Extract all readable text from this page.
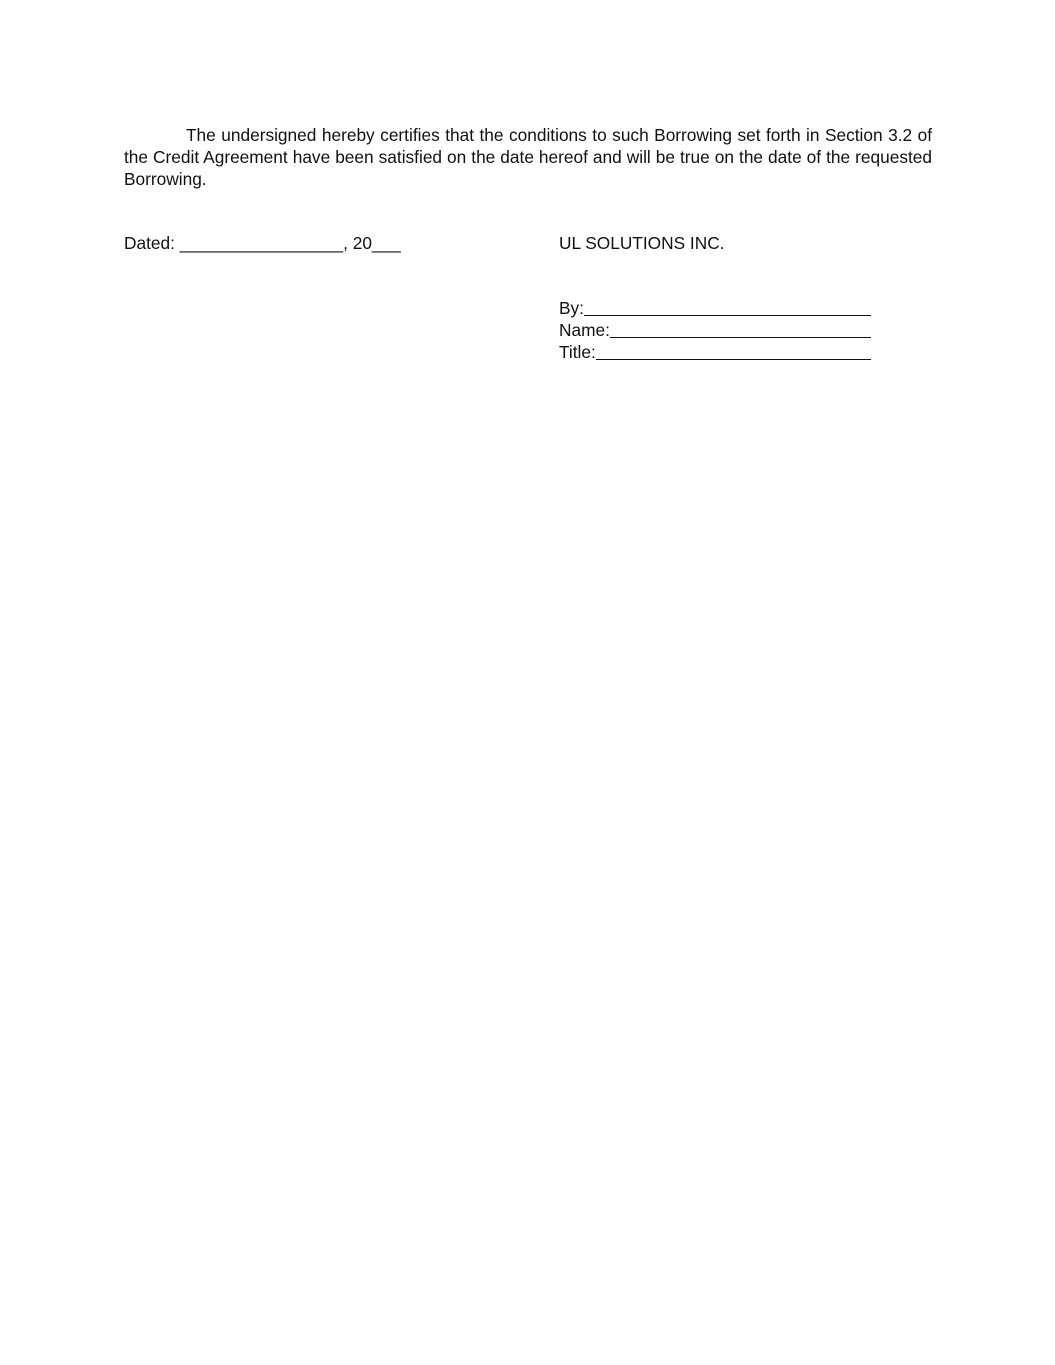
The undersigned hereby certifies that the conditions to such Borrowing set forth in Section 3.2 of the Credit Agreement have been satisfied on the date hereof and will be true on the date of the requested Borrowing.

Dated: _________________, 20___	UL SOLUTIONS INC.
By:
Name:
Title:
